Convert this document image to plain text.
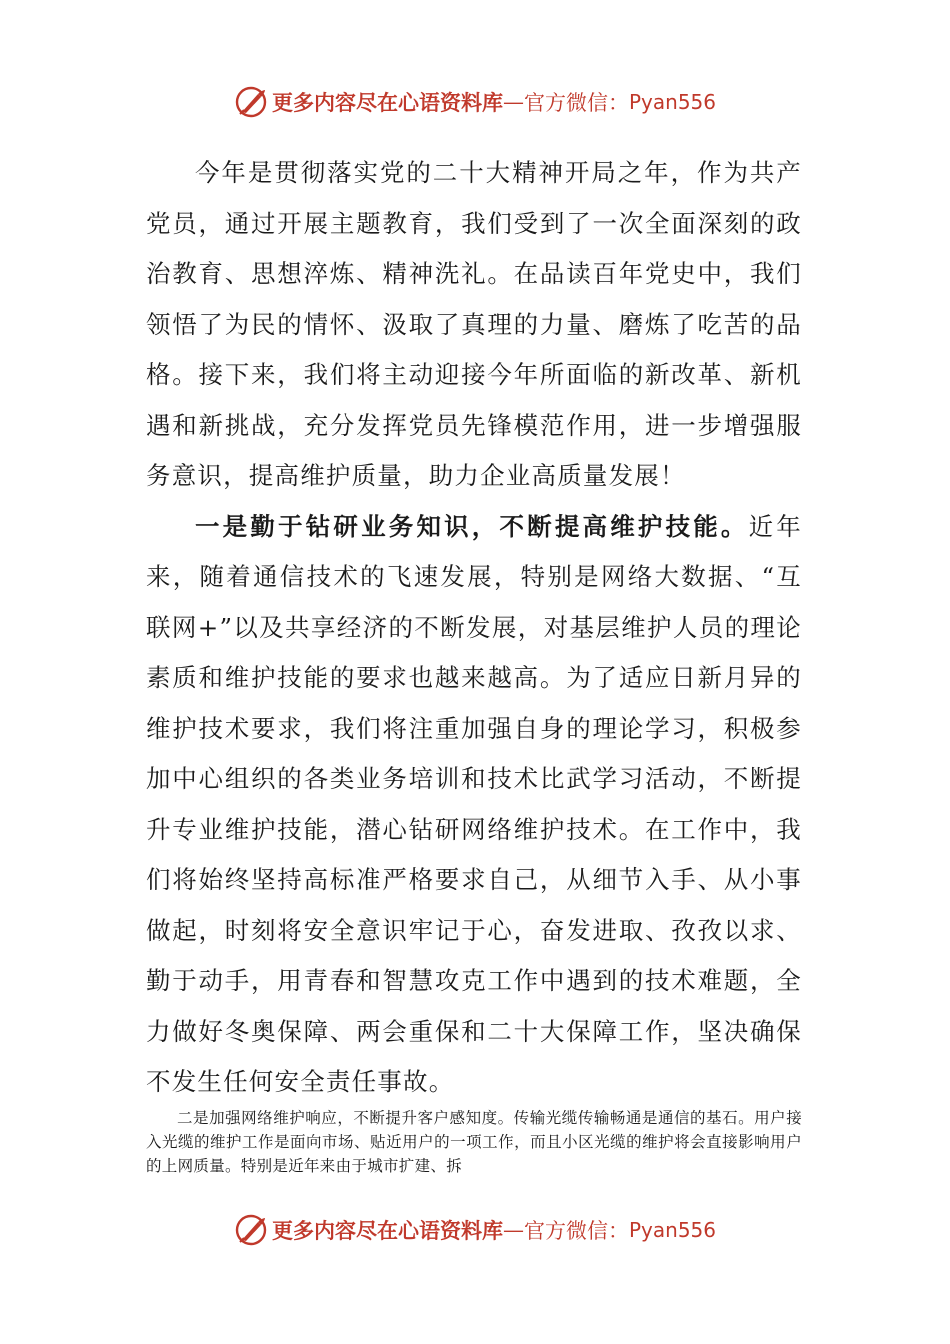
更多内容尽在心语资料库 — 官方微信： Pyan556

今年是贯彻落实党的二十大精神开局之年，作为共产党员，通过开展主题教育，我们受到了一次全面深刻的政治教育、思想淬炼、精神洗礼。在品读百年党史中，我们领悟了为民的情怀、汲取了真理的力量、磨炼了吃苦的品格。接下来，我们将主动迎接今年所面临的新改革、新机遇和新挑战，充分发挥党员先锋模范作用，进一步增强服务意识，提高维护质量，助力企业高质量发展！

一是勤于钻研业务知识，不断提高维护技能。近年来，随着通信技术的飞速发展，特别是网络大数据、“互联网+”以及共享经济的不断发展，对基层维护人员的理论素质和维护技能的要求也越来越高。为了适应日新月异的维护技术要求，我们将注重加强自身的理论学习，积极参加中心组织的各类业务培训和技术比武学习活动，不断提升专业维护技能，潜心钻研网络维护技术。在工作中，我们将始终坚持高标准严格要求自己，从细节入手、从小事做起，时刻将安全意识牢记于心，奋发进取、孜孜以求、勤于动手，用青春和智慧攻克工作中遇到的技术难题，全力做好冬奥保障、两会重保和二十大保障工作，坚决确保不发生任何安全责任事故。

二是加强网络维护响应，不断提升客户感知度。传输光缆传输畅通是通信的基石。用户接入光缆的维护工作是面向市场、贴近用户的一项工作，而且小区光缆的维护将会直接影响用户的上网质量。特别是近年来由于城市扩建、拆

更多内容尽在心语资料库 — 官方微信： Pyan556
